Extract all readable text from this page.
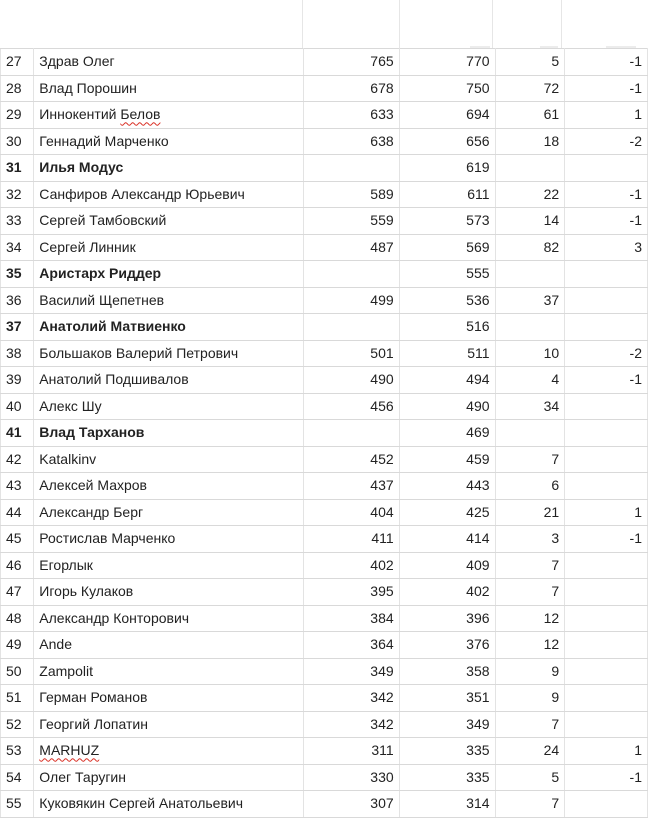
27	Здрав Олег	765	770	5	-1
28	Влад Порошин	678	750	72	-1
29	Иннокентий Белов	633	694	61	1
30	Геннадий Марченко	638	656	18	-2
31	Илья Модус		619		
32	Санфиров Александр Юрьевич	589	611	22	-1
33	Сергей Тамбовский	559	573	14	-1
34	Сергей Линник	487	569	82	3
35	Аристарх Риддер		555		
36	Василий Щепетнев	499	536	37	
37	Анатолий Матвиенко		516		
38	Большаков Валерий Петрович	501	511	10	-2
39	Анатолий Подшивалов	490	494	4	-1
40	Алекс Шу	456	490	34	
41	Влад Тарханов		469		
42	Katalkinv	452	459	7	
43	Алексей Махров	437	443	6	
44	Александр Берг	404	425	21	1
45	Ростислав Марченко	411	414	3	-1
46	Егорлык	402	409	7	
47	Игорь Кулаков	395	402	7	
48	Александр Конторович	384	396	12	
49	Ande	364	376	12	
50	Zampolit	349	358	9	
51	Герман Романов	342	351	9	
52	Георгий Лопатин	342	349	7	
53	MARHUZ	311	335	24	1
54	Олег Таругин	330	335	5	-1
55	Куковякин Сергей Анатольевич	307	314	7	
